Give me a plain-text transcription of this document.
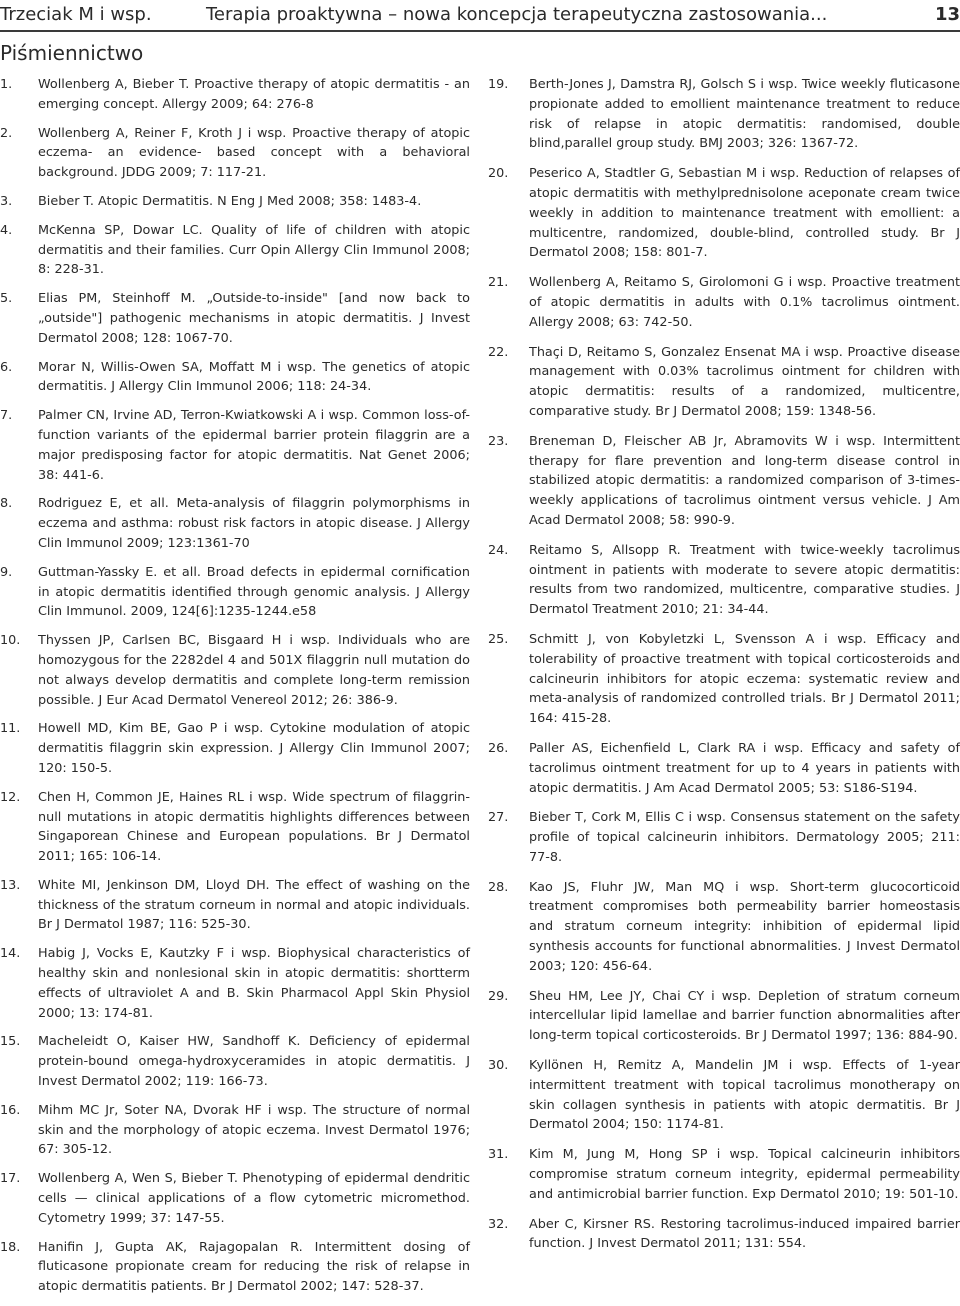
Trzeciak M i wsp.	Terapia proaktywna – nowa koncepcja terapeutyczna zastosowania...	13
Piśmiennictwo
1.	Wollenberg A, Bieber T. Proactive therapy of atopic dermatitis - an emerging concept. Allergy 2009; 64: 276-8
2.	Wollenberg A, Reiner F, Kroth J i wsp. Proactive therapy of atopic eczema- an evidence- based concept with a behavioral background. JDDG 2009; 7: 117-21.
3.	Bieber T. Atopic Dermatitis. N Eng J Med 2008; 358: 1483-4.
4.	McKenna SP, Dowar LC. Quality of life of children with atopic dermatitis and their families. Curr Opin Allergy Clin Immunol 2008; 8: 228-31.
5.	Elias PM, Steinhoff M. „Outside-to-inside" [and now back to „outside"] pathogenic mechanisms in atopic dermatitis. J Invest Dermatol 2008; 128: 1067-70.
6.	Morar N, Willis-Owen SA, Moffatt M i wsp. The genetics of atopic dermatitis. J Allergy Clin Immunol 2006; 118: 24-34.
7.	Palmer CN, Irvine AD, Terron-Kwiatkowski A i wsp. Common loss-of-function variants of the epidermal barrier protein filaggrin are a major predisposing factor for atopic dermatitis. Nat Genet 2006; 38: 441-6.
8.	Rodriguez E, et all. Meta-analysis of filaggrin polymorphisms in eczema and asthma: robust risk factors in atopic disease. J Allergy Clin Immunol 2009; 123:1361-70
9.	Guttman-Yassky E. et all. Broad defects in epidermal cornification in atopic dermatitis identified through genomic analysis. J Allergy Clin Immunol. 2009, 124[6]:1235-1244.e58
10.	Thyssen JP, Carlsen BC, Bisgaard H i wsp. Individuals who are homozygous for the 2282del 4 and 501X filaggrin null mutation do not always develop dermatitis and complete long-term remission possible. J Eur Acad Dermatol Venereol 2012; 26: 386-9.
11.	Howell MD, Kim BE, Gao P i wsp. Cytokine modulation of atopic dermatitis filaggrin skin expression. J Allergy Clin Immunol 2007; 120: 150-5.
12.	Chen H, Common JE, Haines RL i wsp. Wide spectrum of filaggrin- null mutations in atopic dermatitis highlights differences between Singaporean Chinese and European populations. Br J Dermatol 2011; 165: 106-14.
13.	White MI, Jenkinson DM, Lloyd DH. The effect of washing on the thickness of the stratum corneum in normal and atopic individuals. Br J Dermatol 1987; 116: 525-30.
14.	Habig J, Vocks E, Kautzky F i wsp. Biophysical characteristics of healthy skin and nonlesional skin in atopic dermatitis: shortterm effects of ultraviolet A and B. Skin Pharmacol Appl Skin Physiol 2000; 13: 174-81.
15.	Macheleidt O, Kaiser HW, Sandhoff K. Deficiency of epidermal protein-bound omega-hydroxyceramides in atopic dermatitis. J Invest Dermatol 2002; 119: 166-73.
16.	Mihm MC Jr, Soter NA, Dvorak HF i wsp. The structure of normal skin and the morphology of atopic eczema. Invest Dermatol 1976; 67: 305-12.
17.	Wollenberg A, Wen S, Bieber T. Phenotyping of epidermal dendritic cells — clinical applications of a flow cytometric micromethod. Cytometry 1999; 37: 147-55.
18.	Hanifin J, Gupta AK, Rajagopalan R. Intermittent dosing of fluticasone propionate cream for reducing the risk of relapse in atopic dermatitis patients. Br J Dermatol 2002; 147: 528-37.
19.	Berth-Jones J, Damstra RJ, Golsch S i wsp. Twice weekly fluticasone propionate added to emollient maintenance treatment to reduce risk of relapse in atopic dermatitis: randomised, double blind,parallel group study. BMJ 2003; 326: 1367-72.
20.	Peserico A, Stadtler G, Sebastian M i wsp. Reduction of relapses of atopic dermatitis with methylprednisolone aceponate cream twice weekly in addition to maintenance treatment with emollient: a multicentre, randomized, double-blind, controlled study. Br J Dermatol 2008; 158: 801-7.
21.	Wollenberg A, Reitamo S, Girolomoni G i wsp. Proactive treatment of atopic dermatitis in adults with 0.1% tacrolimus ointment. Allergy 2008; 63: 742-50.
22.	Thaçi D, Reitamo S, Gonzalez Ensenat MA i wsp. Proactive disease management with 0.03% tacrolimus ointment for children with atopic dermatitis: results of a randomized, multicentre, comparative study. Br J Dermatol 2008; 159: 1348-56.
23.	Breneman D, Fleischer AB Jr, Abramovits W i wsp. Intermittent therapy for flare prevention and long-term disease control in stabilized atopic dermatitis: a randomized comparison of 3-times-weekly applications of tacrolimus ointment versus vehicle. J Am Acad Dermatol 2008; 58: 990-9.
24.	Reitamo S, Allsopp R. Treatment with twice-weekly tacrolimus ointment in patients with moderate to severe atopic dermatitis: results from two randomized, multicentre, comparative studies. J Dermatol Treatment 2010; 21: 34-44.
25.	Schmitt J, von Kobyletzki L, Svensson A i wsp. Efficacy and tolerability of proactive treatment with topical corticosteroids and calcineurin inhibitors for atopic eczema: systematic review and meta-analysis of randomized controlled trials. Br J Dermatol 2011; 164: 415-28.
26.	Paller AS, Eichenfield L, Clark RA i wsp. Efficacy and safety of tacrolimus ointment treatment for up to 4 years in patients with atopic dermatitis. J Am Acad Dermatol 2005; 53: S186-S194.
27.	Bieber T, Cork M, Ellis C i wsp. Consensus statement on the safety profile of topical calcineurin inhibitors. Dermatology 2005; 211: 77-8.
28.	Kao JS, Fluhr JW, Man MQ i wsp. Short-term glucocorticoid treatment compromises both permeability barrier homeostasis and stratum corneum integrity: inhibition of epidermal lipid synthesis accounts for functional abnormalities. J Invest Dermatol 2003; 120: 456-64.
29.	Sheu HM, Lee JY, Chai CY i wsp. Depletion of stratum corneum intercellular lipid lamellae and barrier function abnormalities after long-term topical corticosteroids. Br J Dermatol 1997; 136: 884-90.
30.	Kyllönen H, Remitz A, Mandelin JM i wsp. Effects of 1-year intermittent treatment with topical tacrolimus monotherapy on skin collagen synthesis in patients with atopic dermatitis. Br J Dermatol 2004; 150: 1174-81.
31.	Kim M, Jung M, Hong SP i wsp. Topical calcineurin inhibitors compromise stratum corneum integrity, epidermal permeability and antimicrobial barrier function. Exp Dermatol 2010; 19: 501-10.
32.	Aber C, Kirsner RS. Restoring tacrolimus-induced impaired barrier function. J Invest Dermatol 2011; 131: 554.
